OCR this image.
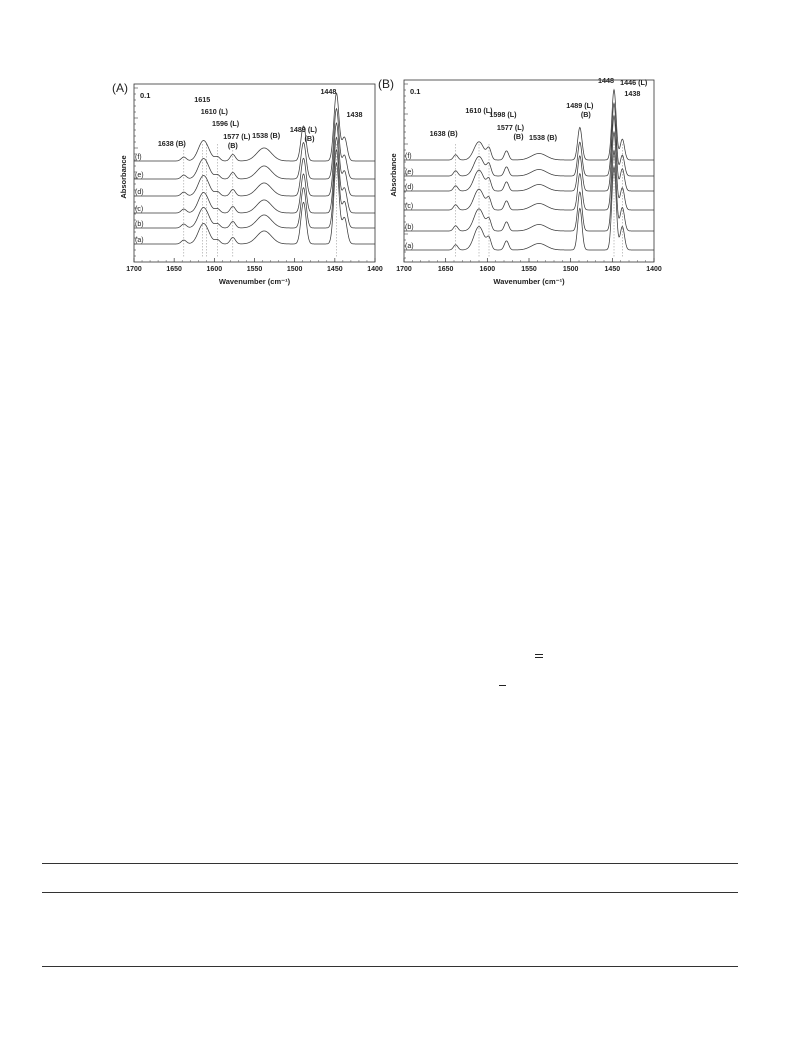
(A)
0.1
1700	1650	1600	1550	1500	1450	1400
Wavenumber (cm⁻¹)
Absorbance
(a)
(b)
(c)
(d)
(e)
(f)
1638 (B)
1615
1610 (L)
1596 (L)
1577 (L)
(B)
1538 (B)
1489 (L)
(B)
1448
1438
(B)
0.1
1700	1650	1600	1550	1500	1450	1400
Wavenumber (cm⁻¹)
Absorbance
(a)
(b)
(c)
(d)
(e)
(f)
1638 (B)
1610 (L)
1598 (L)
1577 (L)
(B) 1538 (B)
1489 (L)
(B)
1448 1446 (L)
1438
